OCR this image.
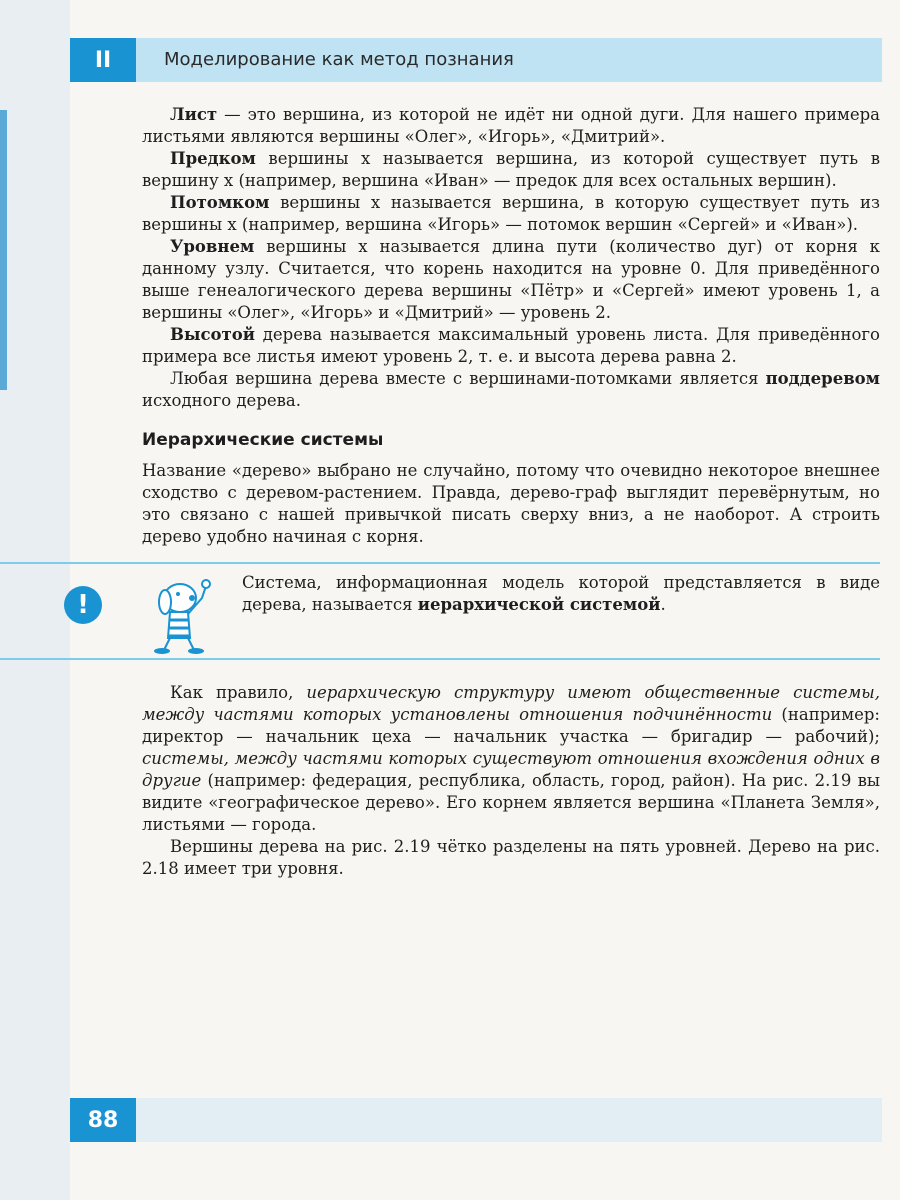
II	Моделирование как метод познания

Лист — это вершина, из которой не идёт ни одной дуги. Для нашего примера листьями являются вершины «Олег», «Игорь», «Дмитрий».

Предком вершины x называется вершина, из которой существует путь в вершину x (например, вершина «Иван» — предок для всех остальных вершин).

Потомком вершины x называется вершина, в которую существует путь из вершины x (например, вершина «Игорь» — потомок вершин «Сергей» и «Иван»).

Уровнем вершины x называется длина пути (количество дуг) от корня к данному узлу. Считается, что корень находится на уровне 0. Для приведённого выше генеалогического дерева вершины «Пётр» и «Сергей» имеют уровень 1, а вершины «Олег», «Игорь» и «Дмитрий» — уровень 2.

Высотой дерева называется максимальный уровень листа. Для приведённого примера все листья имеют уровень 2, т. е. и высота дерева равна 2.

Любая вершина дерева вместе с вершинами-потомками является поддеревом исходного дерева.

Иерархические системы

Название «дерево» выбрано не случайно, потому что очевидно некоторое внешнее сходство с деревом-растением. Правда, дерево-граф выглядит перевёрнутым, но это связано с нашей привычкой писать сверху вниз, а не наоборот. А строить дерево удобно начиная с корня.

!
Система, информационная модель которой представляется в виде дерева, называется иерархической системой.

Как правило, иерархическую структуру имеют общественные системы, между частями которых установлены отношения подчинённости (например: директор — начальник цеха — начальник участка — бригадир — рабочий); системы, между частями которых существуют отношения вхождения одних в другие (например: федерация, республика, область, город, район). На рис. 2.19 вы видите «географическое дерево». Его корнем является вершина «Планета Земля», листьями — города.

Вершины дерева на рис. 2.19 чётко разделены на пять уровней. Дерево на рис. 2.18 имеет три уровня.

88
